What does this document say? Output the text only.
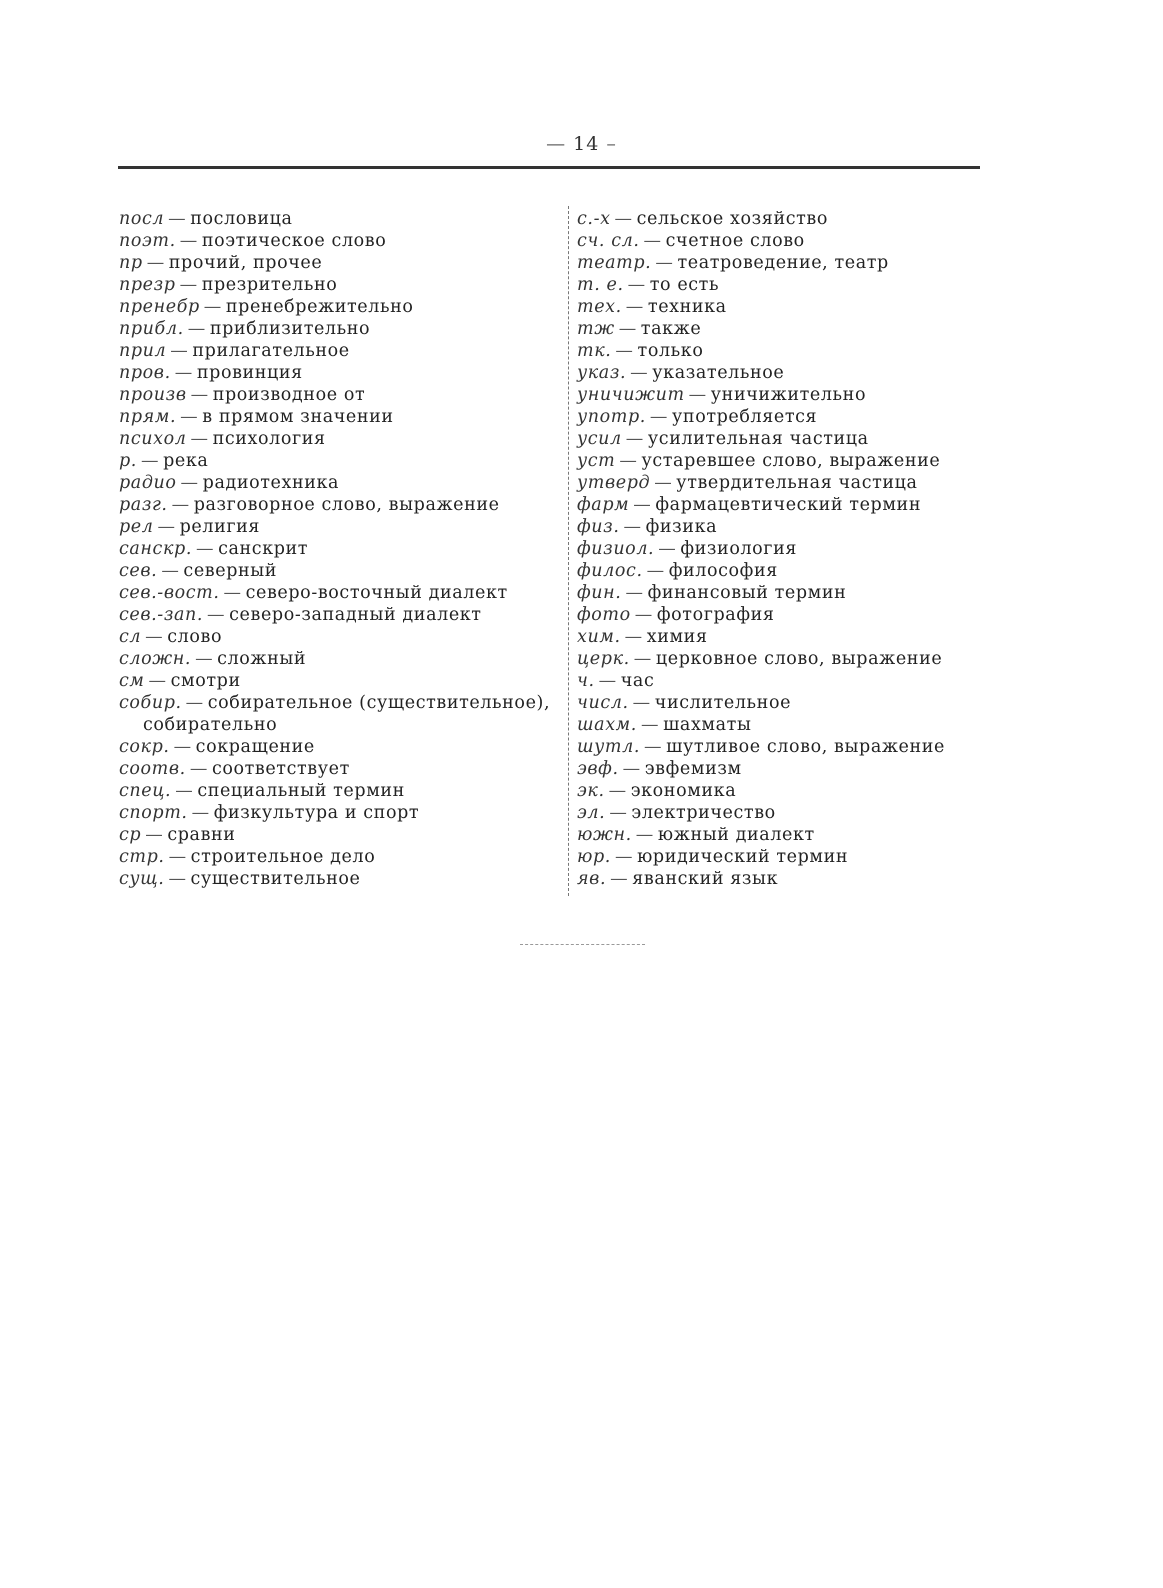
— 14 –
посл — пословица
поэт. — поэтическое слово
пр — прочий, прочее
презр — презрительно
пренебр — пренебрежительно
прибл. — приблизительно
прил — прилагательное
пров. — провинция
произв — производное от
прям. — в прямом значении
психол — психология
р. — река
радио — радиотехника
разг. — разговорное слово, выражение
рел — религия
санскр. — санскрит
сев. — северный
сев.-вост. — северо-восточный диалект
сев.-зап. — северо-западный диалект
сл — слово
сложн. — сложный
см — смотри
собир. — собирательное (существительное),
собирательно
сокр. — сокращение
соотв. — соответствует
спец. — специальный термин
спорт. — физкультура и спорт
ср — сравни
стр. — строительное дело
сущ. — существительное
с.-х — сельское хозяйство
сч. сл. — счетное слово
театр. — театроведение, театр
т. е. — то есть
тех. — техника
тж — также
тк. — только
указ. — указательное
уничижит — уничижительно
употр. — употребляется
усил — усилительная частица
уст — устаревшее слово, выражение
утверд — утвердительная частица
фарм — фармацевтический термин
физ. — физика
физиол. — физиология
филос. — философия
фин. — финансовый термин
фото — фотография
хим. — химия
церк. — церковное слово, выражение
ч. — час
числ. — числительное
шахм. — шахматы
шутл. — шутливое слово, выражение
эвф. — эвфемизм
эк. — экономика
эл. — электричество
южн. — южный диалект
юр. — юридический термин
яв. — яванский язык
